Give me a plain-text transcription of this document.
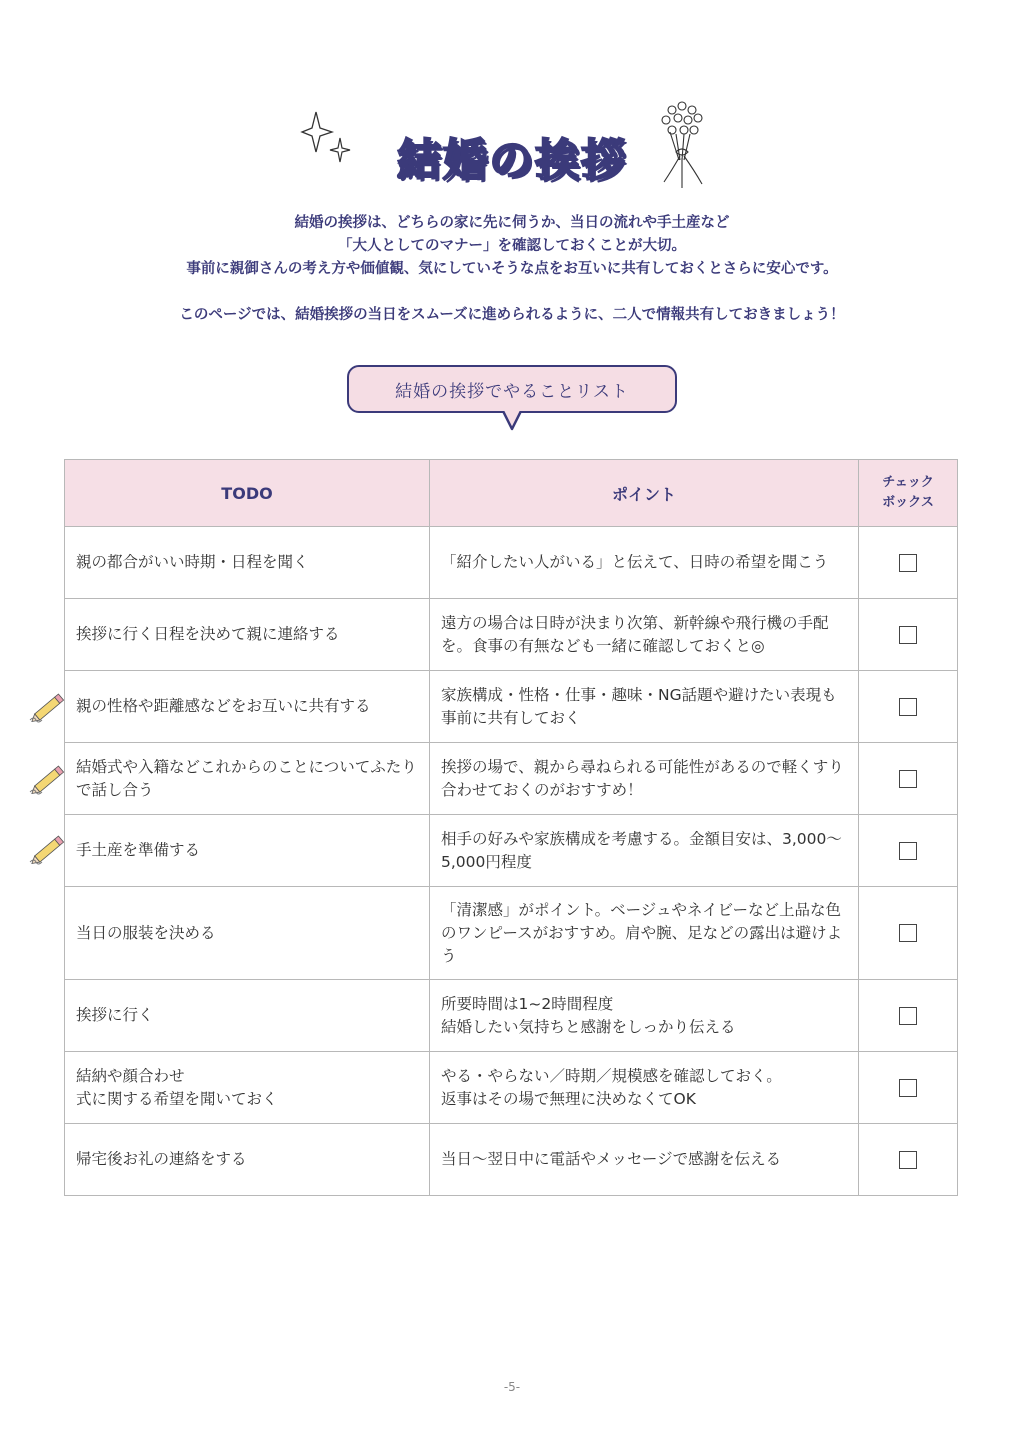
結婚の挨拶

結婚の挨拶は、どちらの家に先に伺うか、当日の流れや手土産など

「大人としてのマナー」を確認しておくことが大切。

事前に親御さんの考え方や価値観、気にしていそうな点をお互いに共有しておくとさらに安心です。

このページでは、結婚挨拶の当日をスムーズに進められるように、二人で情報共有しておきましょう！

結婚の挨拶でやることリスト
TODO	ポイント	チェック
ボックス
親の都合がいい時期・日程を聞く	「紹介したい人がいる」と伝えて、日時の希望を聞こう	
挨拶に行く日程を決めて親に連絡する	遠方の場合は日時が決まり次第、新幹線や飛行機の手配を。食事の有無なども一緒に確認しておくと◎	
親の性格や距離感などをお互いに共有する	家族構成・性格・仕事・趣味・NG話題や避けたい表現も事前に共有しておく	
結婚式や入籍などこれからのことについてふたりで話し合う	挨拶の場で、親から尋ねられる可能性があるので軽くすり合わせておくのがおすすめ！	
手土産を準備する	相手の好みや家族構成を考慮する。金額目安は、3,000〜5,000円程度	
当日の服装を決める	「清潔感」がポイント。ベージュやネイビーなど上品な色のワンピースがおすすめ。肩や腕、足などの露出は避けよう	
挨拶に行く	所要時間は1~2時間程度
結婚したい気持ちと感謝をしっかり伝える	
結納や顔合わせ
式に関する希望を聞いておく	やる・やらない／時期／規模感を確認しておく。
返事はその場で無理に決めなくてOK	
帰宅後お礼の連絡をする	当日〜翌日中に電話やメッセージで感謝を伝える	
-5-
